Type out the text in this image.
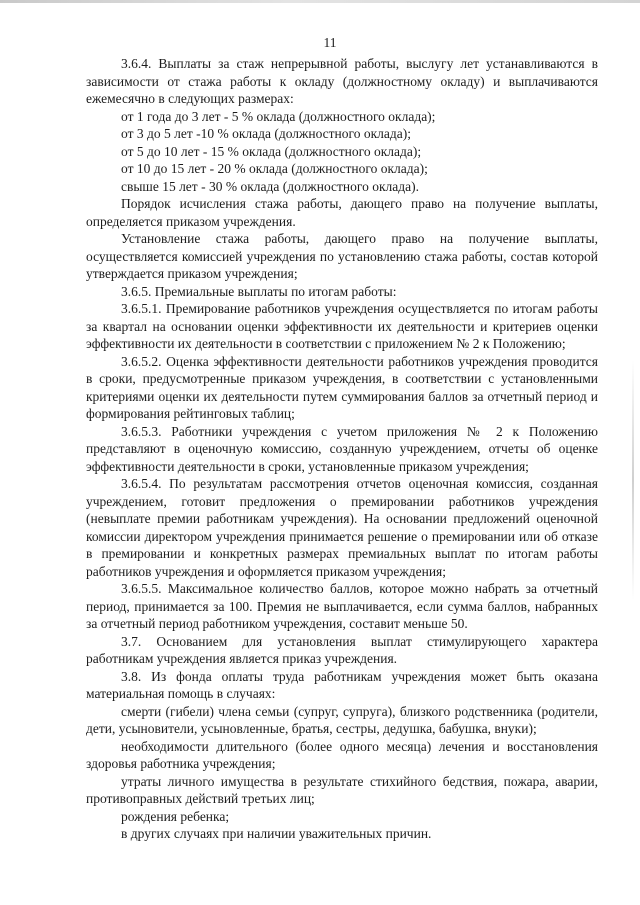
11

3.6.4. Выплаты за стаж непрерывной работы, выслугу лет устанавливаются в зависимости от стажа работы к окладу (должностному окладу) и выплачиваются ежемесячно в следующих размерах:

от 1 года до 3 лет - 5 % оклада (должностного оклада);

от 3 до 5 лет -10 % оклада (должностного оклада);

от 5 до 10 лет - 15 % оклада (должностного оклада);

от 10 до 15 лет - 20 % оклада (должностного оклада);

свыше 15 лет - 30 % оклада (должностного оклада).

Порядок исчисления стажа работы, дающего право на получение выплаты, определяется приказом учреждения.

Установление стажа работы, дающего право на получение выплаты, осуществляется комиссией учреждения по установлению стажа работы, состав которой утверждается приказом учреждения;

3.6.5. Премиальные выплаты по итогам работы:

3.6.5.1. Премирование работников учреждения осуществляется по итогам работы за квартал на основании оценки эффективности их деятельности и критериев оценки эффективности их деятельности в соответствии с приложением № 2 к Положению;

3.6.5.2. Оценка эффективности деятельности работников учреждения проводится в сроки, предусмотренные приказом учреждения, в соответствии с установленными критериями оценки их деятельности путем суммирования баллов за отчетный период и формирования рейтинговых таблиц;

3.6.5.3. Работники учреждения с учетом приложения № 2 к Положению представляют в оценочную комиссию, созданную учреждением, отчеты об оценке эффективности деятельности в сроки, установленные приказом учреждения;

3.6.5.4. По результатам рассмотрения отчетов оценочная комиссия, созданная учреждением, готовит предложения о премировании работников учреждения (невыплате премии работникам учреждения). На основании предложений оценочной комиссии директором учреждения принимается решение о премировании или об отказе в премировании и конкретных размерах премиальных выплат по итогам работы работников учреждения и оформляется приказом учреждения;

3.6.5.5. Максимальное количество баллов, которое можно набрать за отчетный период, принимается за 100. Премия не выплачивается, если сумма баллов, набранных за отчетный период работником учреждения, составит меньше 50.

3.7. Основанием для установления выплат стимулирующего характера работникам учреждения является приказ учреждения.

3.8. Из фонда оплаты труда работникам учреждения может быть оказана материальная помощь в случаях:

смерти (гибели) члена семьи (супруг, супруга), близкого родственника (родители, дети, усыновители, усыновленные, братья, сестры, дедушка, бабушка, внуки);

необходимости длительного (более одного месяца) лечения и восстановления здоровья работника учреждения;

утраты личного имущества в результате стихийного бедствия, пожара, аварии, противоправных действий третьих лиц;

рождения ребенка;

в других случаях при наличии уважительных причин.
